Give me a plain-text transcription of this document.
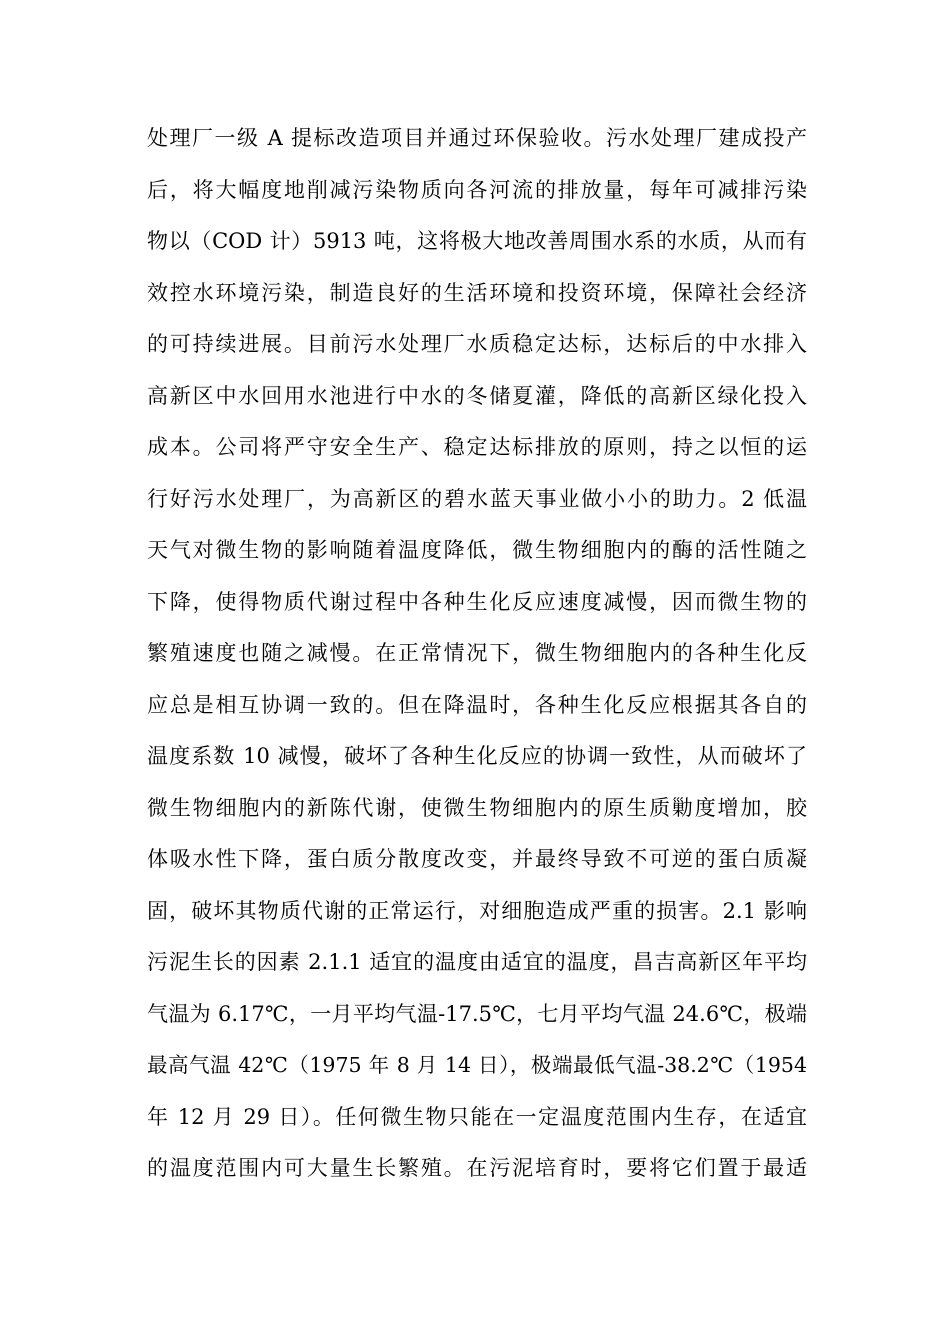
处理厂一级 A 提标改造项目并通过环保验收。污水处理厂建成投产
后，将大幅度地削减污染物质向各河流的排放量，每年可减排污染
物以（COD 计）5913 吨，这将极大地改善周围水系的水质，从而有
效控水环境污染，制造良好的生活环境和投资环境，保障社会经济
的可持续进展。目前污水处理厂水质稳定达标，达标后的中水排入
高新区中水回用水池进行中水的冬储夏灌，降低的高新区绿化投入
成本。公司将严守安全生产、稳定达标排放的原则，持之以恒的运
行好污水处理厂，为高新区的碧水蓝天事业做小小的助力。2 低温
天气对微生物的影响随着温度降低，微生物细胞内的酶的活性随之
下降，使得物质代谢过程中各种生化反应速度减慢，因而微生物的
繁殖速度也随之减慢。在正常情况下，微生物细胞内的各种生化反
应总是相互协调一致的。但在降温时，各种生化反应根据其各自的
温度系数 10 减慢，破坏了各种生化反应的协调一致性，从而破坏了
微生物细胞内的新陈代谢，使微生物细胞内的原生质勦度增加，胶
体吸水性下降，蛋白质分散度改变，并最终导致不可逆的蛋白质凝
固，破坏其物质代谢的正常运行，对细胞造成严重的损害。2.1 影响
污泥生长的因素 2.1.1 适宜的温度由适宜的温度，昌吉高新区年平均
气温为 6.17℃，一月平均气温-17.5℃，七月平均气温 24.6℃，极端
最高气温 42℃（1975 年 8 月 14 日），极端最低气温-38.2℃（1954
年 12 月 29 日）。任何微生物只能在一定温度范围内生存，在适宜
的温度范围内可大量生长繁殖。在污泥培育时，要将它们置于最适
